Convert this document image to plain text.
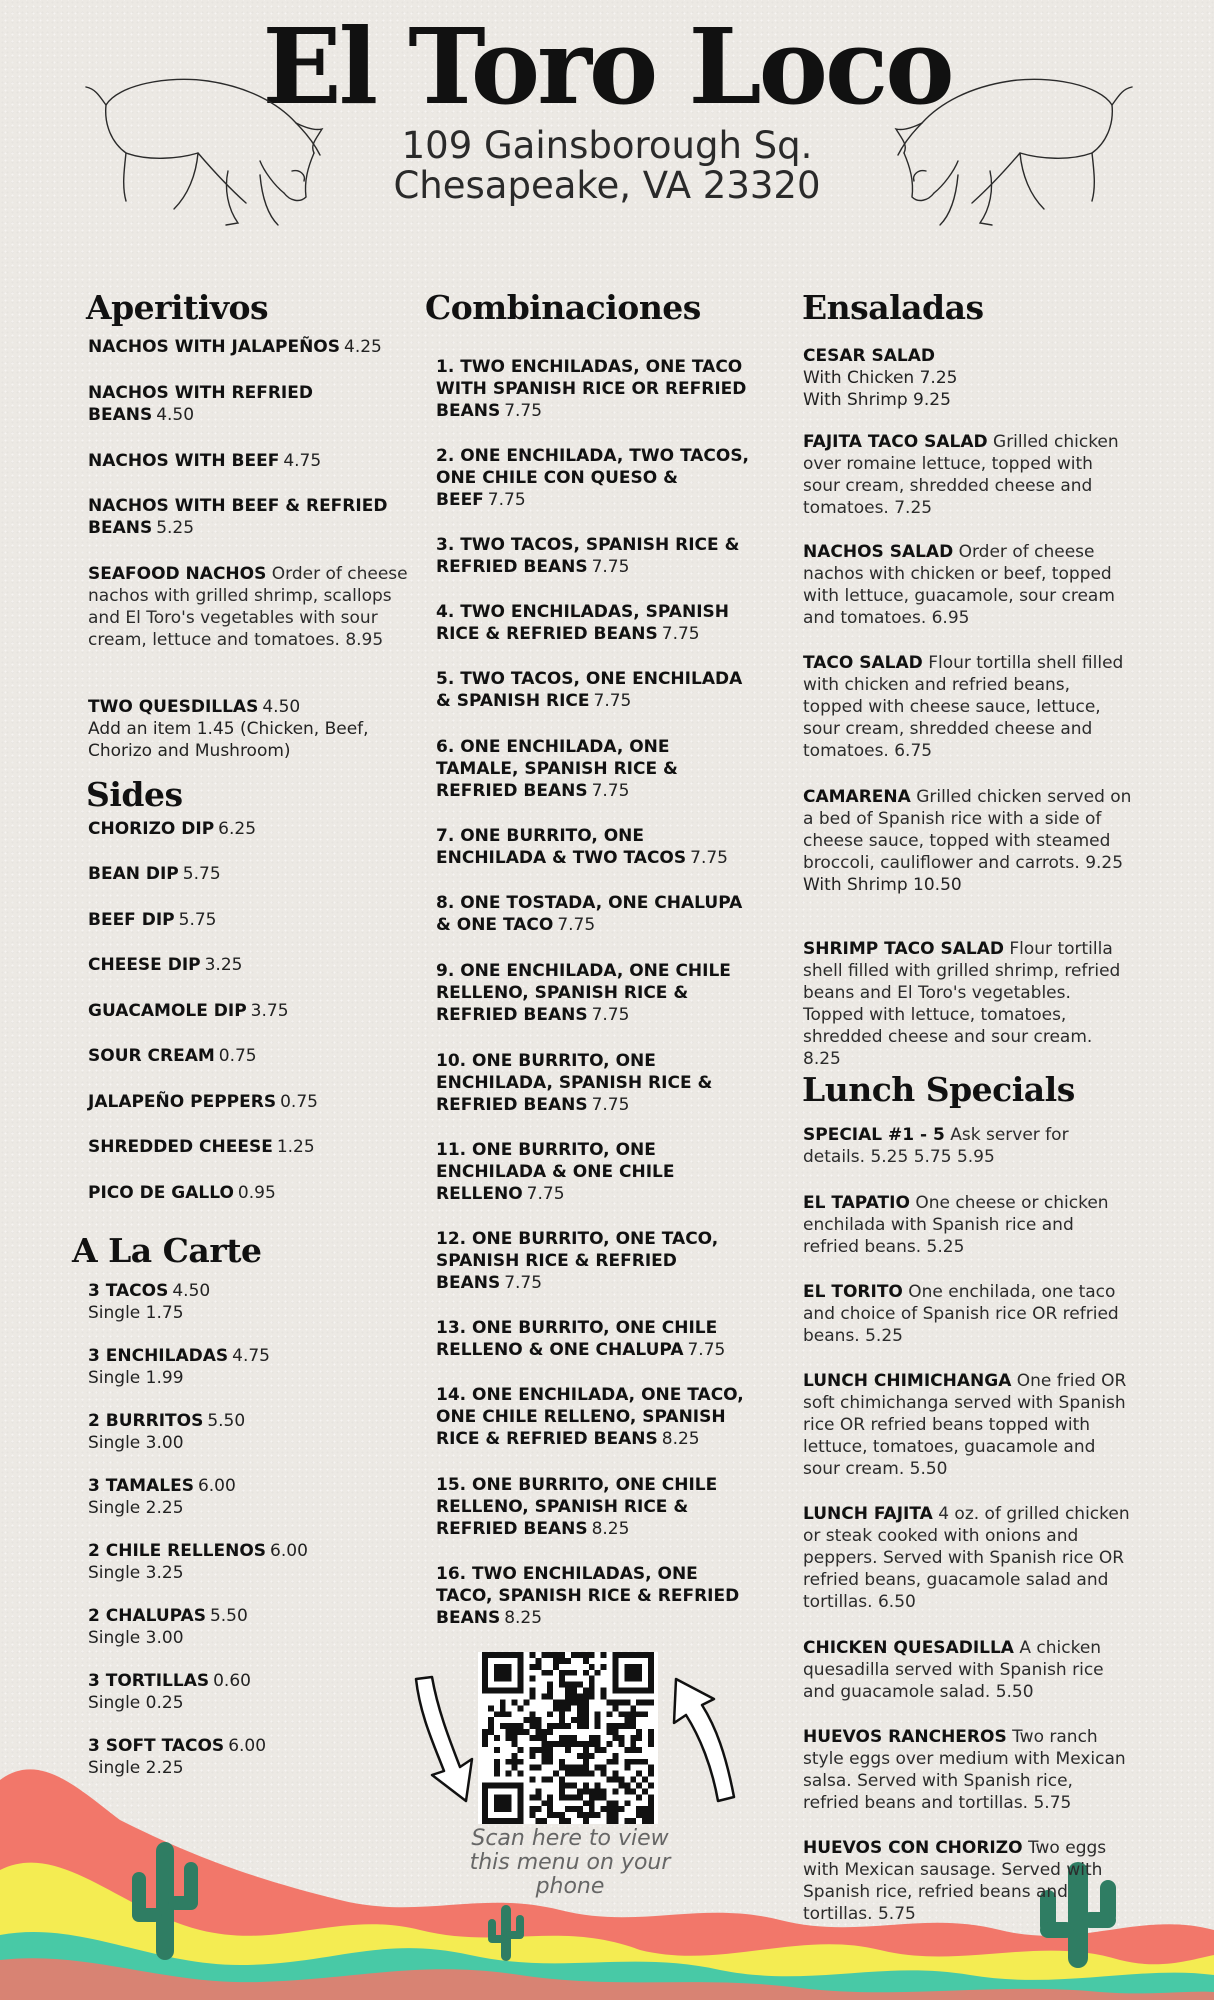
El Toro Loco
109 Gainsborough Sq.
Chesapeake, VA 23320
Aperitivos

NACHOS WITH JALAPEÑOS 4.25

NACHOS WITH REFRIED BEANS 4.50

NACHOS WITH BEEF 4.75

NACHOS WITH BEEF & REFRIED BEANS 5.25

SEAFOOD NACHOS Order of cheese nachos with grilled shrimp, scallops and El Toro's vegetables with sour cream, lettuce and tomatoes. 8.95

TWO QUESDILLAS 4.50
Add an item 1.45 (Chicken, Beef, Chorizo and Mushroom)

Sides

CHORIZO DIP 6.25

BEAN DIP 5.75

BEEF DIP 5.75

CHEESE DIP 3.25

GUACAMOLE DIP 3.75

SOUR CREAM 0.75

JALAPEÑO PEPPERS 0.75

SHREDDED CHEESE 1.25

PICO DE GALLO 0.95

A La Carte

3 TACOS 4.50
Single 1.75

3 ENCHILADAS 4.75
Single 1.99

2 BURRITOS 5.50
Single 3.00

3 TAMALES 6.00
Single 2.25

2 CHILE RELLENOS 6.00
Single 3.25

2 CHALUPAS 5.50
Single 3.00

3 TORTILLAS 0.60
Single 0.25

3 SOFT TACOS 6.00
Single 2.25

Combinaciones

1. TWO ENCHILADAS, ONE TACO WITH SPANISH RICE OR REFRIED BEANS 7.75

2. ONE ENCHILADA, TWO TACOS, ONE CHILE CON QUESO & BEEF 7.75

3. TWO TACOS, SPANISH RICE & REFRIED BEANS 7.75

4. TWO ENCHILADAS, SPANISH RICE & REFRIED BEANS 7.75

5. TWO TACOS, ONE ENCHILADA & SPANISH RICE 7.75

6. ONE ENCHILADA, ONE TAMALE, SPANISH RICE & REFRIED BEANS 7.75

7. ONE BURRITO, ONE ENCHILADA & TWO TACOS 7.75

8. ONE TOSTADA, ONE CHALUPA & ONE TACO 7.75

9. ONE ENCHILADA, ONE CHILE RELLENO, SPANISH RICE & REFRIED BEANS 7.75

10. ONE BURRITO, ONE ENCHILADA, SPANISH RICE & REFRIED BEANS 7.75

11. ONE BURRITO, ONE ENCHILADA & ONE CHILE RELLENO 7.75

12. ONE BURRITO, ONE TACO, SPANISH RICE & REFRIED BEANS 7.75

13. ONE BURRITO, ONE CHILE RELLENO & ONE CHALUPA 7.75

14. ONE ENCHILADA, ONE TACO, ONE CHILE RELLENO, SPANISH RICE & REFRIED BEANS 8.25

15. ONE BURRITO, ONE CHILE RELLENO, SPANISH RICE & REFRIED BEANS 8.25

16. TWO ENCHILADAS, ONE TACO, SPANISH RICE & REFRIED BEANS 8.25

Scan here to view this menu on your phone
Ensaladas

CESAR SALAD
With Chicken 7.25
With Shrimp 9.25

FAJITA TACO SALAD Grilled chicken over romaine lettuce, topped with sour cream, shredded cheese and tomatoes. 7.25

NACHOS SALAD Order of cheese nachos with chicken or beef, topped with lettuce, guacamole, sour cream and tomatoes. 6.95

TACO SALAD Flour tortilla shell filled with chicken and refried beans, topped with cheese sauce, lettuce, sour cream, shredded cheese and tomatoes. 6.75

CAMARENA Grilled chicken served on a bed of Spanish rice with a side of cheese sauce, topped with steamed broccoli, cauliflower and carrots. 9.25
With Shrimp 10.50

SHRIMP TACO SALAD Flour tortilla shell filled with grilled shrimp, refried beans and El Toro's vegetables. Topped with lettuce, tomatoes, shredded cheese and sour cream. 8.25

Lunch Specials

SPECIAL #1 - 5 Ask server for details. 5.25 5.75 5.95

EL TAPATIO One cheese or chicken enchilada with Spanish rice and refried beans. 5.25

EL TORITO One enchilada, one taco and choice of Spanish rice OR refried beans. 5.25

LUNCH CHIMICHANGA One fried OR soft chimichanga served with Spanish rice OR refried beans topped with lettuce, tomatoes, guacamole and sour cream. 5.50

LUNCH FAJITA 4 oz. of grilled chicken or steak cooked with onions and peppers. Served with Spanish rice OR refried beans, guacamole salad and tortillas. 6.50

CHICKEN QUESADILLA A chicken quesadilla served with Spanish rice and guacamole salad. 5.50

HUEVOS RANCHEROS Two ranch style eggs over medium with Mexican salsa. Served with Spanish rice, refried beans and tortillas. 5.75

HUEVOS CON CHORIZO Two eggs with Mexican sausage. Served with Spanish rice, refried beans and tortillas. 5.75
